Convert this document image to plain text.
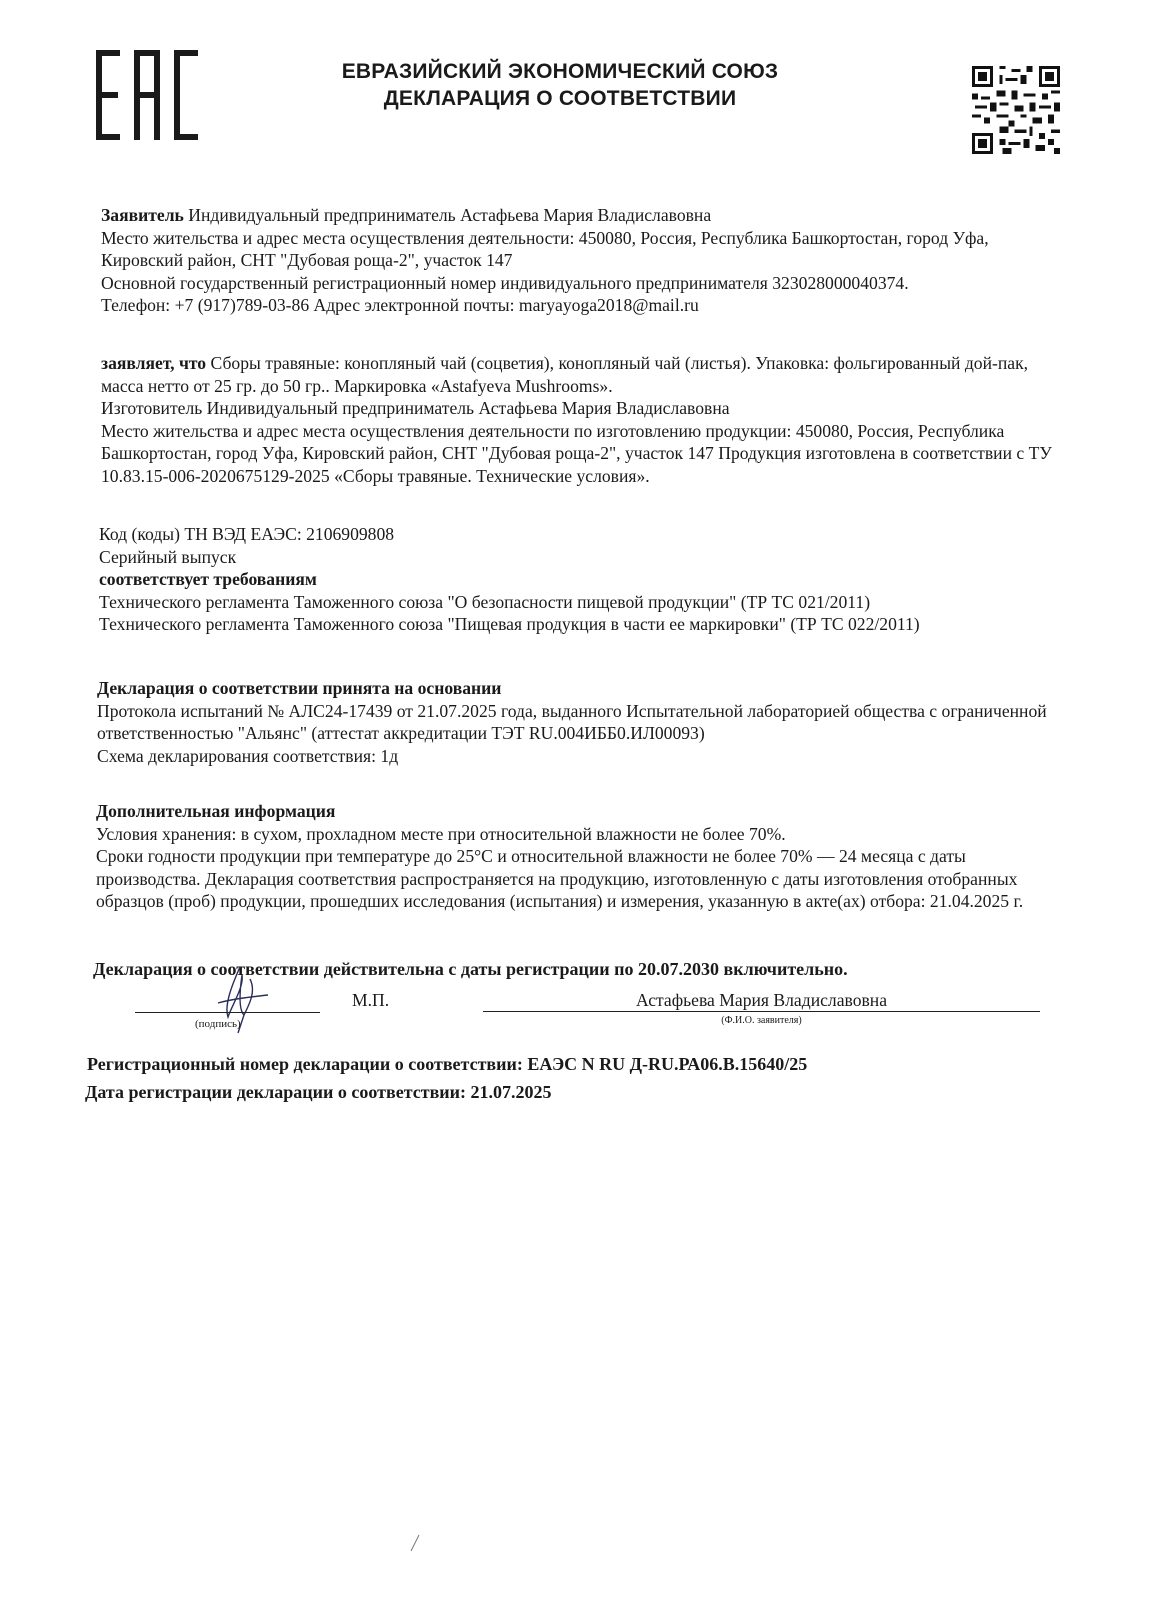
ЕВРАЗИЙСКИЙ ЭКОНОМИЧЕСКИЙ СОЮЗ
ДЕКЛАРАЦИЯ О СООТВЕТСТВИИ

Заявитель Индивидуальный предприниматель Астафьева Мария Владиславовна

Место жительства и адрес места осуществления деятельности: 450080, Россия, Республика Башкортостан, город Уфа, Кировский район, СНТ "Дубовая роща-2", участок 147

Основной государственный регистрационный номер индивидуального предпринимателя 323028000040374.

Телефон: +7 (917)789-03-86 Адрес электронной почты: maryayoga2018@mail.ru

заявляет, что Сборы травяные: конопляный чай (соцветия), конопляный чай (листья). Упаковка: фольгированный дой-пак, масса нетто от 25 гр. до 50 гр.. Маркировка «Astafyeva Mushrooms».

Изготовитель Индивидуальный предприниматель Астафьева Мария Владиславовна

Место жительства и адрес места осуществления деятельности по изготовлению продукции: 450080, Россия, Республика Башкортостан, город Уфа, Кировский район, СНТ "Дубовая роща-2", участок 147 Продукция изготовлена в соответствии с ТУ 10.83.15-006-2020675129-2025 «Сборы травяные. Технические условия».

Код (коды) ТН ВЭД ЕАЭС: 2106909808

Серийный выпуск

соответствует требованиям

Технического регламента Таможенного союза "О безопасности пищевой продукции" (ТР ТС 021/2011)

Технического регламента Таможенного союза "Пищевая продукция в части ее маркировки" (ТР ТС 022/2011)

Декларация о соответствии принята на основании

Протокола испытаний № АЛС24-17439 от 21.07.2025 года, выданного Испытательной лабораторией общества с ограниченной ответственностью "Альянс" (аттестат аккредитации ТЭТ RU.004ИББ0.ИЛ00093)

Схема декларирования соответствия: 1д

Дополнительная информация

Условия хранения: в сухом, прохладном месте при относительной влажности не более 70%.

Сроки годности продукции при температуре до 25°С и относительной влажности не более 70% — 24 месяца с даты производства. Декларация соответствия распространяется на продукцию, изготовленную с даты изготовления отобранных образцов (проб) продукции, прошедших исследования (испытания) и измерения, указанную в акте(ах) отбора: 21.04.2025 г.

Декларация о соответствии действительна с даты регистрации по 20.07.2030 включительно.
(подпись)
М.П.	Астафьева Мария Владиславовна
(Ф.И.О. заявителя)
Регистрационный номер декларации о соответствии: ЕАЭС N RU Д-RU.РА06.В.15640/25
Дата регистрации декларации о соответствии: 21.07.2025
